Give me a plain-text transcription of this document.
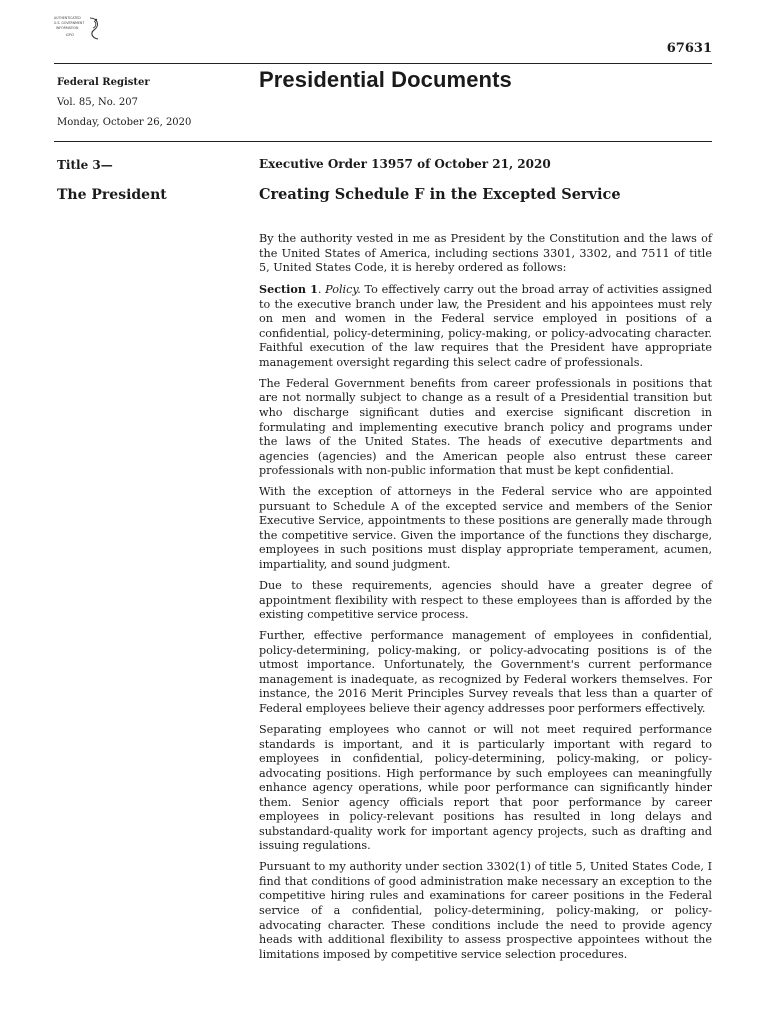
AUTHENTICATED
U.S. GOVERNMENT
INFORMATION
GPO
67631
Federal Register
Vol. 85, No. 207
Monday, October 26, 2020
Presidential Documents
Title 3—
The President
Executive Order 13957 of October 21, 2020
Creating Schedule F in the Excepted Service

By the authority vested in me as President by the Constitution and the laws of the United States of America, including sections 3301, 3302, and 7511 of title 5, United States Code, it is hereby ordered as follows:

Section 1. Policy. To effectively carry out the broad array of activities assigned to the executive branch under law, the President and his appointees must rely on men and women in the Federal service employed in positions of a confidential, policy-determining, policy-making, or policy-advocating character. Faithful execution of the law requires that the President have appropriate management oversight regarding this select cadre of professionals.

The Federal Government benefits from career professionals in positions that are not normally subject to change as a result of a Presidential transition but who discharge significant duties and exercise significant discretion in formulating and implementing executive branch policy and programs under the laws of the United States. The heads of executive departments and agencies (agencies) and the American people also entrust these career professionals with non-public information that must be kept confidential.

With the exception of attorneys in the Federal service who are appointed pursuant to Schedule A of the excepted service and members of the Senior Executive Service, appointments to these positions are generally made through the competitive service. Given the importance of the functions they discharge, employees in such positions must display appropriate temperament, acumen, impartiality, and sound judgment.

Due to these requirements, agencies should have a greater degree of appointment flexibility with respect to these employees than is afforded by the existing competitive service process.

Further, effective performance management of employees in confidential, policy-determining, policy-making, or policy-advocating positions is of the utmost importance. Unfortunately, the Government's current performance management is inadequate, as recognized by Federal workers themselves. For instance, the 2016 Merit Principles Survey reveals that less than a quarter of Federal employees believe their agency addresses poor performers effectively.

Separating employees who cannot or will not meet required performance standards is important, and it is particularly important with regard to employees in confidential, policy-determining, policy-making, or policy-advocating positions. High performance by such employees can meaningfully enhance agency operations, while poor performance can significantly hinder them. Senior agency officials report that poor performance by career employees in policy-relevant positions has resulted in long delays and substandard-quality work for important agency projects, such as drafting and issuing regulations.

Pursuant to my authority under section 3302(1) of title 5, United States Code, I find that conditions of good administration make necessary an exception to the competitive hiring rules and examinations for career positions in the Federal service of a confidential, policy-determining, policy-making, or policy-advocating character. These conditions include the need to provide agency heads with additional flexibility to assess prospective appointees without the limitations imposed by competitive service selection procedures.
